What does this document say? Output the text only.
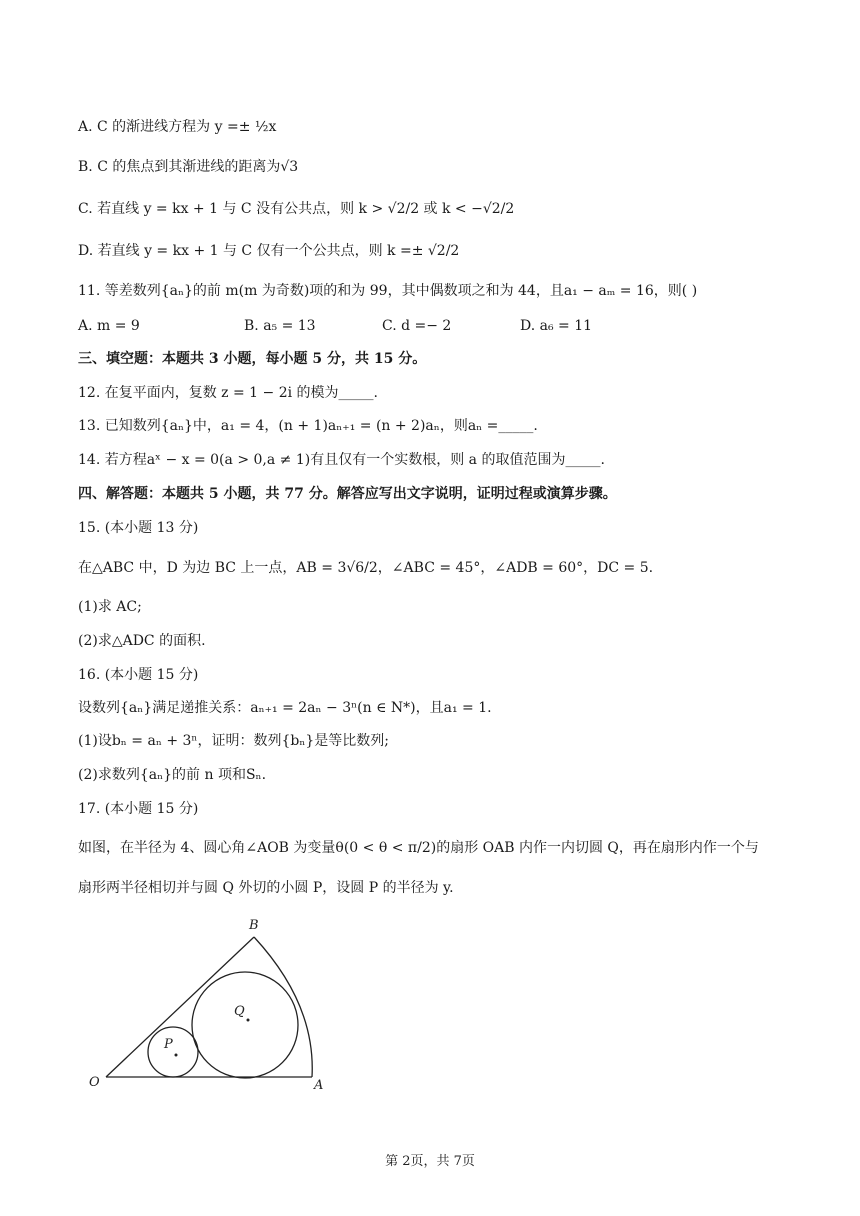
A. C 的渐进线方程为 y =± ½x
B. C 的焦点到其渐进线的距离为√3
C. 若直线 y = kx + 1 与 C 没有公共点，则 k > √2/2 或 k < −√2/2
D. 若直线 y = kx + 1 与 C 仅有一个公共点，则 k =± √2/2
11. 等差数列{aₙ}的前 m(m 为奇数)项的和为 99，其中偶数项之和为 44，且a₁ − aₘ = 16，则( )
A. m = 9	B. a₅ = 13	C. d =− 2	D. a₆ = 11
三、填空题：本题共 3 小题，每小题 5 分，共 15 分。
12. 在复平面内，复数 z = 1 − 2i 的模为_____.
13. 已知数列{aₙ}中，a₁ = 4，(n + 1)aₙ₊₁ = (n + 2)aₙ，则aₙ =_____.
14. 若方程aˣ − x = 0(a > 0,a ≠ 1)有且仅有一个实数根，则 a 的取值范围为_____.
四、解答题：本题共 5 小题，共 77 分。解答应写出文字说明，证明过程或演算步骤。
15. (本小题 13 分)
在△ABC 中，D 为边 BC 上一点，AB = 3√6/2，∠ABC = 45°，∠ADB = 60°，DC = 5.
(1)求 AC;
(2)求△ADC 的面积.
16. (本小题 15 分)
设数列{aₙ}满足递推关系：aₙ₊₁ = 2aₙ − 3ⁿ(n ∈ N*)，且a₁ = 1.
(1)设bₙ = aₙ + 3ⁿ，证明：数列{bₙ}是等比数列;
(2)求数列{aₙ}的前 n 项和Sₙ.
17. (本小题 15 分)
如图，在半径为 4、圆心角∠AOB 为变量θ(0 < θ < π/2)的扇形 OAB 内作一内切圆 Q，再在扇形内作一个与
扇形两半径相切并与圆 Q 外切的小圆 P，设圆 P 的半径为 y.
O	A
B
Q
P
第 2页，共 7页
